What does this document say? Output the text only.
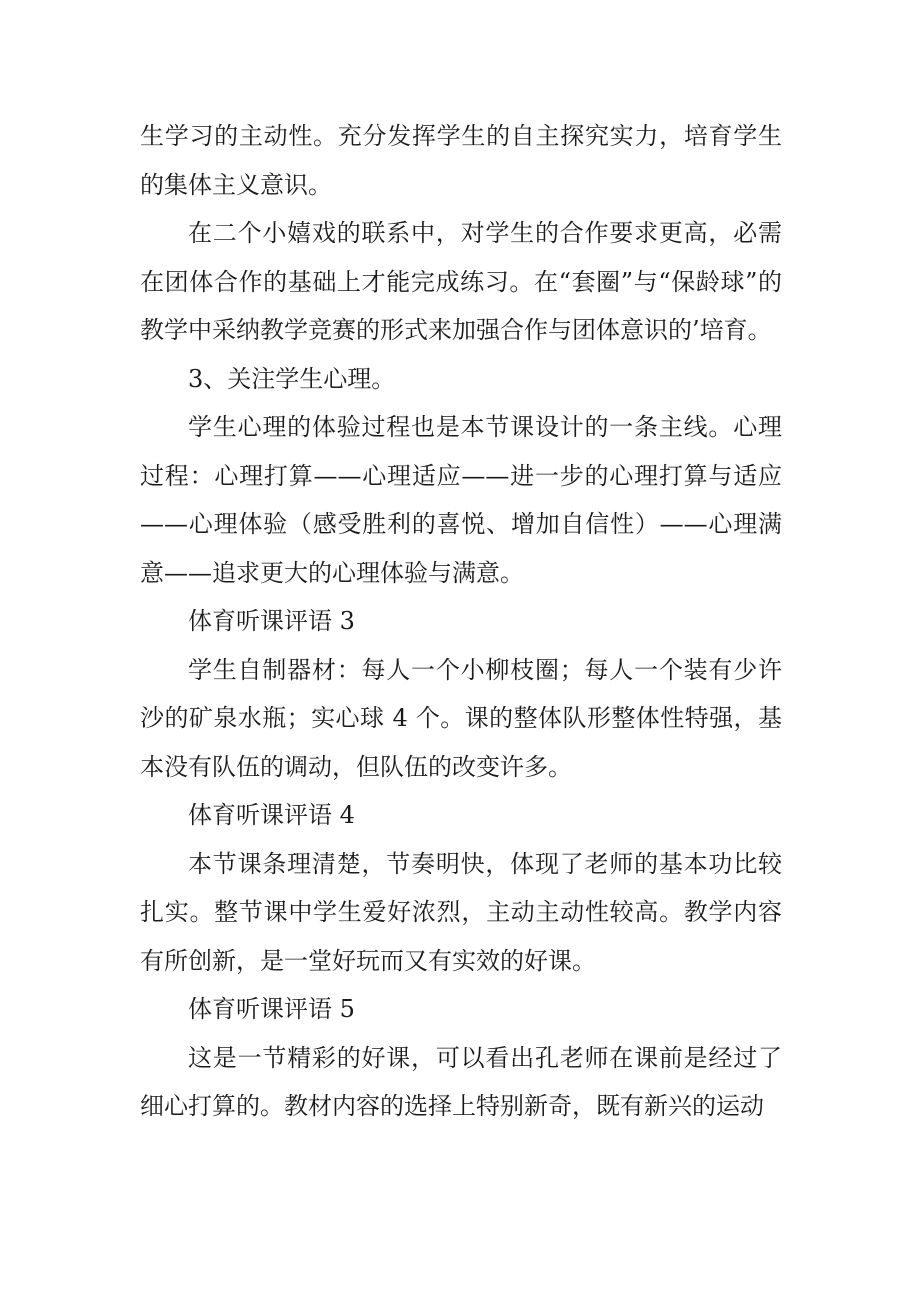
生学习的主动性。充分发挥学生的自主探究实力，培育学生的集体主义意识。

在二个小嬉戏的联系中，对学生的合作要求更高，必需在团体合作的基础上才能完成练习。在“套圈”与“保龄球”的教学中采纳教学竞赛的形式来加强合作与团体意识的’培育。

3、关注学生心理。

学生心理的体验过程也是本节课设计的一条主线。心理过程：心理打算——心理适应——进一步的心理打算与适应——心理体验（感受胜利的喜悦、增加自信性）——心理满意——追求更大的心理体验与满意。

体育听课评语 3

学生自制器材：每人一个小柳枝圈；每人一个装有少许沙的矿泉水瓶；实心球 4 个。课的整体队形整体性特强，基本没有队伍的调动，但队伍的改变许多。

体育听课评语 4

本节课条理清楚，节奏明快，体现了老师的基本功比较扎实。整节课中学生爱好浓烈，主动主动性较高。教学内容有所创新，是一堂好玩而又有实效的好课。

体育听课评语 5

这是一节精彩的好课，可以看出孔老师在课前是经过了细心打算的。教材内容的选择上特别新奇，既有新兴的运动
